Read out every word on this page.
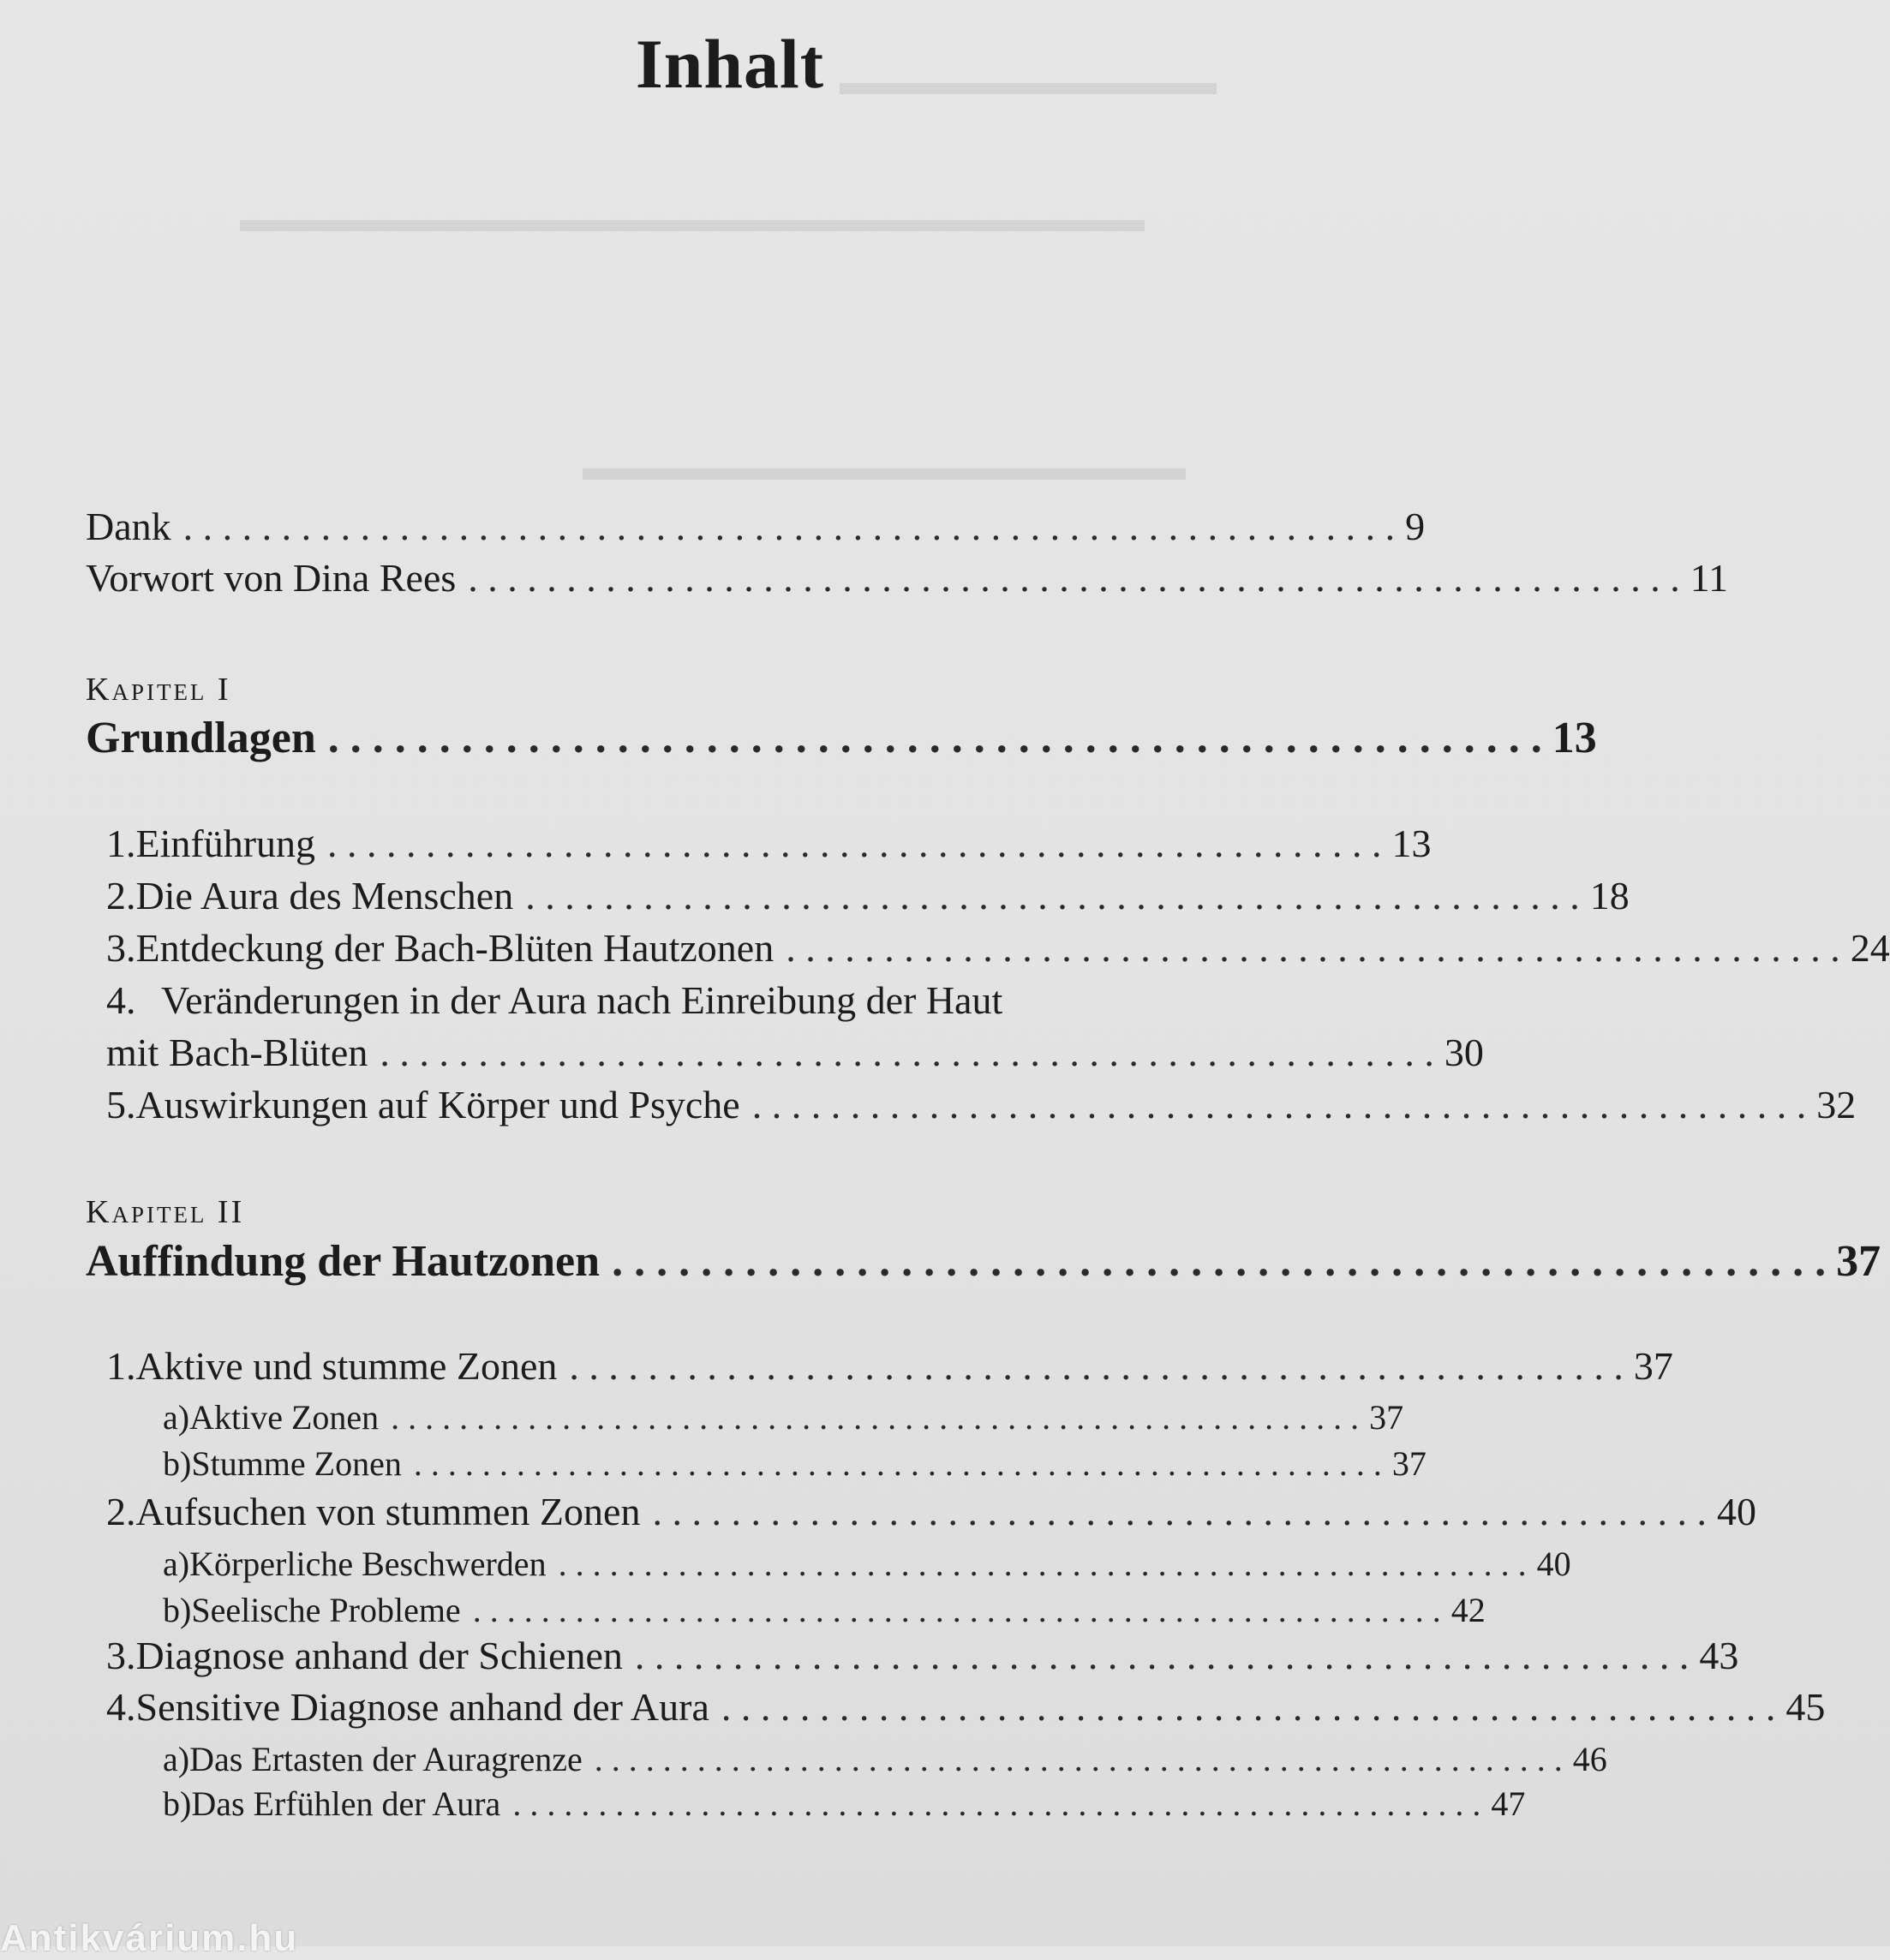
▬▬▬▬▬▬▬▬▬▬
▬▬▬▬▬▬▬▬▬▬▬▬▬▬▬▬▬▬▬▬▬▬▬▬
▬▬▬▬▬▬▬▬▬▬▬▬▬▬▬▬
Inhalt
Dank . . . . . . . . . . . . . . . . . . . . . . . . . . . . . . . . . . . . . . . . . . . . . . . . . . . . . . . . . . . . . . 9
Vorwort von Dina Rees . . . . . . . . . . . . . . . . . . . . . . . . . . . . . . . . . . . . . . . . . . . . . . . . . . . . . . . . . . . . . . 11
Kapitel I
Grundlagen . . . . . . . . . . . . . . . . . . . . . . . . . . . . . . . . . . . . . . . . . . . . . . . . . . . . . . . 13
1. Einführung . . . . . . . . . . . . . . . . . . . . . . . . . . . . . . . . . . . . . . . . . . . . . . . . . . . . . . 13
2. Die Aura des Menschen . . . . . . . . . . . . . . . . . . . . . . . . . . . . . . . . . . . . . . . . . . . . . . . . . . . . . . 18
3. Entdeckung der Bach-Blüten Hautzonen . . . . . . . . . . . . . . . . . . . . . . . . . . . . . . . . . . . . . . . . . . . . . . . . . . . . . . 24
4. Veränderungen in der Aura nach Einreibung der Haut
mit Bach-Blüten . . . . . . . . . . . . . . . . . . . . . . . . . . . . . . . . . . . . . . . . . . . . . . . . . . . . . . 30
5. Auswirkungen auf Körper und Psyche . . . . . . . . . . . . . . . . . . . . . . . . . . . . . . . . . . . . . . . . . . . . . . . . . . . . . . 32
Kapitel II
Auffindung der Hautzonen . . . . . . . . . . . . . . . . . . . . . . . . . . . . . . . . . . . . . . . . . . . . . . . . . . . . . . . 37
1. Aktive und stumme Zonen . . . . . . . . . . . . . . . . . . . . . . . . . . . . . . . . . . . . . . . . . . . . . . . . . . . . . . 37
a) Aktive Zonen . . . . . . . . . . . . . . . . . . . . . . . . . . . . . . . . . . . . . . . . . . . . . . . . . . . . . . . . . 37
b) Stumme Zonen . . . . . . . . . . . . . . . . . . . . . . . . . . . . . . . . . . . . . . . . . . . . . . . . . . . . . . . . . 37
2. Aufsuchen von stummen Zonen . . . . . . . . . . . . . . . . . . . . . . . . . . . . . . . . . . . . . . . . . . . . . . . . . . . . . . 40
a) Körperliche Beschwerden . . . . . . . . . . . . . . . . . . . . . . . . . . . . . . . . . . . . . . . . . . . . . . . . . . . . . . . . . 40
b) Seelische Probleme . . . . . . . . . . . . . . . . . . . . . . . . . . . . . . . . . . . . . . . . . . . . . . . . . . . . . . . . . 42
3. Diagnose anhand der Schienen . . . . . . . . . . . . . . . . . . . . . . . . . . . . . . . . . . . . . . . . . . . . . . . . . . . . . . 43
4. Sensitive Diagnose anhand der Aura . . . . . . . . . . . . . . . . . . . . . . . . . . . . . . . . . . . . . . . . . . . . . . . . . . . . . . 45
a) Das Ertasten der Auragrenze . . . . . . . . . . . . . . . . . . . . . . . . . . . . . . . . . . . . . . . . . . . . . . . . . . . . . . . . . 46
b) Das Erfühlen der Aura . . . . . . . . . . . . . . . . . . . . . . . . . . . . . . . . . . . . . . . . . . . . . . . . . . . . . . . . . 47
Antikvárium.hu
